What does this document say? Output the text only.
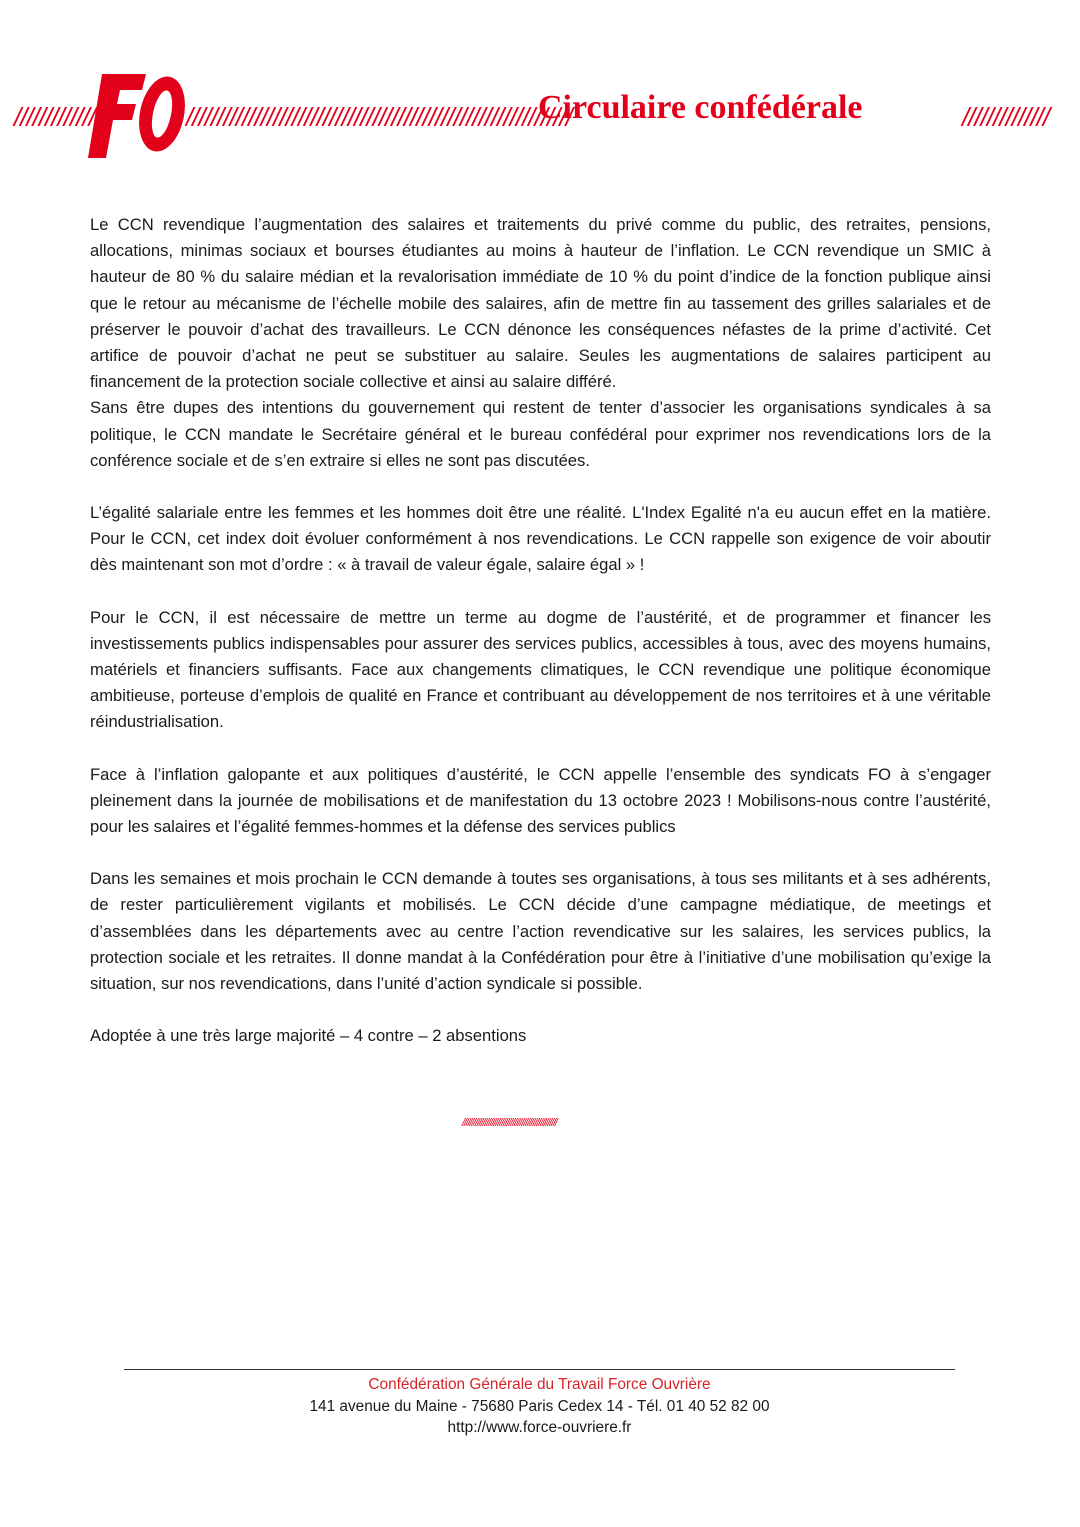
/////////////	//////////////////////////////////////////////////////////////
Circulaire confédérale	//////////////

Le CCN revendique l’augmentation des salaires et traitements du privé comme du public, des retraites, pensions, allocations, minimas sociaux et bourses étudiantes au moins à hauteur de l’inflation. Le CCN revendique un SMIC à hauteur de 80 % du salaire médian et la revalorisation immédiate de 10 % du point d’indice de la fonction publique ainsi que le retour au mécanisme de l’échelle mobile des salaires, afin de mettre fin au tassement des grilles salariales et de préserver le pouvoir d’achat des travailleurs. Le CCN dénonce les conséquences néfastes de la prime d’activité. Cet artifice de pouvoir d’achat ne peut se substituer au salaire. Seules les augmentations de salaires participent au financement de la protection sociale collective et ainsi au salaire différé.

Sans être dupes des intentions du gouvernement qui restent de tenter d’associer les organisations syndicales à sa politique, le CCN mandate le Secrétaire général et le bureau confédéral pour exprimer nos revendications lors de la conférence sociale et de s’en extraire si elles ne sont pas discutées.

L’égalité salariale entre les femmes et les hommes doit être une réalité. L'Index Egalité n'a eu aucun effet en la matière. Pour le CCN, cet index doit évoluer conformément à nos revendications. Le CCN rappelle son exigence de voir aboutir dès maintenant son mot d’ordre : « à travail de valeur égale, salaire égal » !

Pour le CCN, il est nécessaire de mettre un terme au dogme de l’austérité, et de programmer et financer les investissements publics indispensables pour assurer des services publics, accessibles à tous, avec des moyens humains, matériels et financiers suffisants. Face aux changements climatiques, le CCN revendique une politique économique ambitieuse, porteuse d’emplois de qualité en France et contribuant au développement de nos territoires et à une véritable réindustrialisation.

Face à l’inflation galopante et aux politiques d’austérité, le CCN appelle l’ensemble des syndicats FO à s’engager pleinement dans la journée de mobilisations et de manifestation du 13 octobre 2023 ! Mobilisons-nous contre l’austérité, pour les salaires et l’égalité femmes-hommes et la défense des services publics

Dans les semaines et mois prochain le CCN demande à toutes ses organisations, à tous ses militants et à ses adhérents, de rester particulièrement vigilants et mobilisés. Le CCN décide d’une campagne médiatique, de meetings et d’assemblées dans les départements avec au centre l’action revendicative sur les salaires, les services publics, la protection sociale et les retraites. Il donne mandat à la Confédération pour être à l’initiative d’une mobilisation qu’exige la situation, sur nos revendications, dans l’unité d’action syndicale si possible.

Adoptée à une très large majorité – 4 contre – 2 absentions

///////////////////////////////////////////////////
Confédération Générale du Travail Force Ouvrière
141 avenue du Maine - 75680 Paris Cedex 14 - Tél. 01 40 52 82 00
http://www.force-ouvriere.fr
